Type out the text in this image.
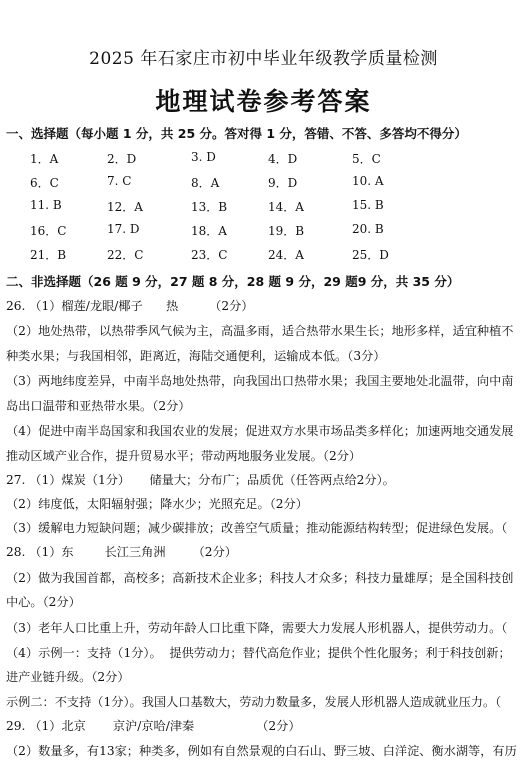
2025 年石家庄市初中毕业年级教学质量检测
地理试卷参考答案
一、选择题（每小题 1 分，共 25 分。答对得 1 分，答错、不答、多答均不得分）
1．A	2．D	3. D	4．D	5．C
6．C	7. C	8．A	9．D	10. A
11. B	12．A	13．B	14．A	15. B
16．C	17. D	18．A	19．B	20. B
21．B	22．C	23．C	24．A	25．D
二、非选择题（26 题 9 分，27 题 8 分，28 题 9 分，29 题9 分，共 35 分）
26. （1）榴莲/龙眼/椰子      热        （2分）
（2）地处热带，以热带季风气候为主，高温多雨，适合热带水果生长；地形多样，适宜种植不
种类水果；与我国相邻，距离近，海陆交通便利，运输成本低。（3分）
（3）两地纬度差异，中南半岛地处热带，向我国出口热带水果；我国主要地处北温带，向中南
岛出口温带和亚热带水果。（2分）
（4）促进中南半岛国家和我国农业的发展；促进双方水果市场品类多样化；加速两地交通发展
推动区域产业合作，提升贸易水平；带动两地服务业发展。（2分）
27. （1）煤炭（1分）     储量大；分布广；品质优（任答两点给2分）。
（2）纬度低，太阳辐射强；降水少；光照充足。（2分）
（3）缓解电力短缺问题；减少碳排放；改善空气质量；推动能源结构转型；促进绿色发展。（
28. （1）东        长江三角洲       （2分）
（2）做为我国首都，高校多；高新技术企业多；科技人才众多；科技力量雄厚；是全国科技创
中心。（2分）
（3）老年人口比重上升，劳动年龄人口比重下降，需要大力发展人形机器人，提供劳动力。（
（4）示例一：支持（1分）。  提供劳动力；替代高危作业；提供个性化服务；利于科技创新；
进产业链升级。（2分）
示例二：不支持（1分）。我国人口基数大，劳动力数量多，发展人形机器人造成就业压力。（
29. （1）北京       京沪/京哈/津秦                （2分）
（2）数量多，有13家；种类多，例如有自然景观的白石山、野三坡、白洋淀、衡水湖等，有历
